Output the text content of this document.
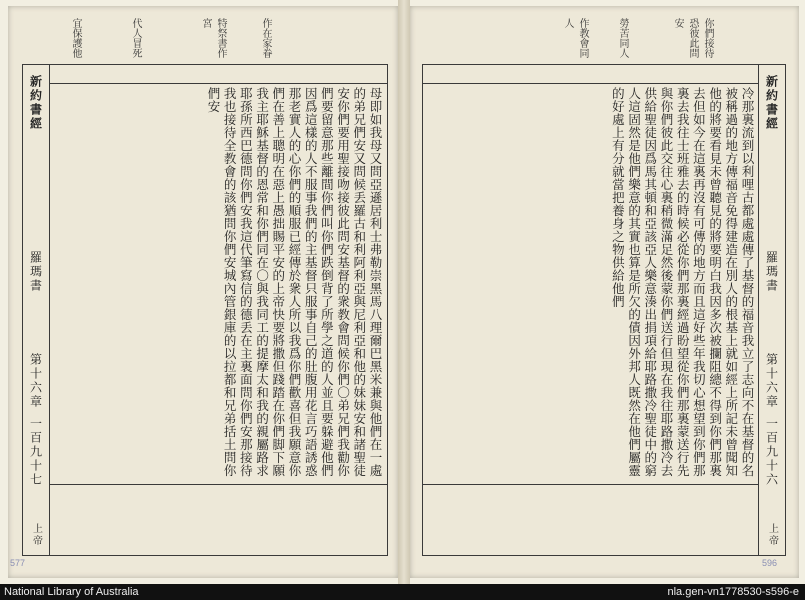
宜保護他	代人冒死	特祭書作宮	作在家眷
新約書經
羅瑪書
第十六章
一百九十七
上帝
母即如我母又問亞遜居利士弗勒崇黑馬八理爾巴黑米兼與他們在一處的弟兄們安又問候丢羅古和利阿利亞與尼利亞和他的妹妹安和諸聖徒安你們要用聖接吻接彼此問安基督的衆教會問候你們〇弟兄們我勸你們要留意那些離間你們叫你們跌倒背了所學之道的人並且要躲避他們因爲這樣的人不服事我們的主基督只服事自己的肚腹用花言巧語誘惑那老實人的心你們的順服已經傳於衆人所以我爲你們歡喜但我願意你們在善上聰明在惡上愚拙賜平安的上帝快要將撒但踐踏在你們脚下願我主耶穌基督的恩常和你們同在〇與我同工的提摩太和我的親屬路求耶孫所西巴德問你們安我這代筆寫信的德丢在主裏面問你們安那接待我也接待全教會的該猶問你們安城內管銀庫的以拉都和兄弟括土問你們安
577
作教會同人	勞苦同人	恐彼此問安	你們接待
新約書經
羅瑪書
第十六章
一百九十六
上帝
冷那裏流到以利哩古都處處傳了基督的福音我立了志向不在基督的名被稱過的地方傳福音免得建造在別人的根基上就如經上所記未曾聞知他的將要看見未曾聽見的將要明白我因多次被攔阻總不得到你們那裏去但如今在這裏再沒有可傳的地方而且這好些年我切心想望到你們那裏去我往士班雅去的時候必從你們那裏經過盼望從你們那裏蒙送行先與你們彼此交往心裏稍微滿足然後蒙你們送行但現在我往耶路撒冷去供給聖徒因爲馬其頓和亞該亞人樂意湊出捐項給耶路撒冷聖徒中的窮人這固然是他們樂意的其實也算是所欠的債因外邦人既然在他們屬靈的好處上有分就當把養身之物供給他們
596
National Library of Australia	nla.gen-vn1778530-s596-e
